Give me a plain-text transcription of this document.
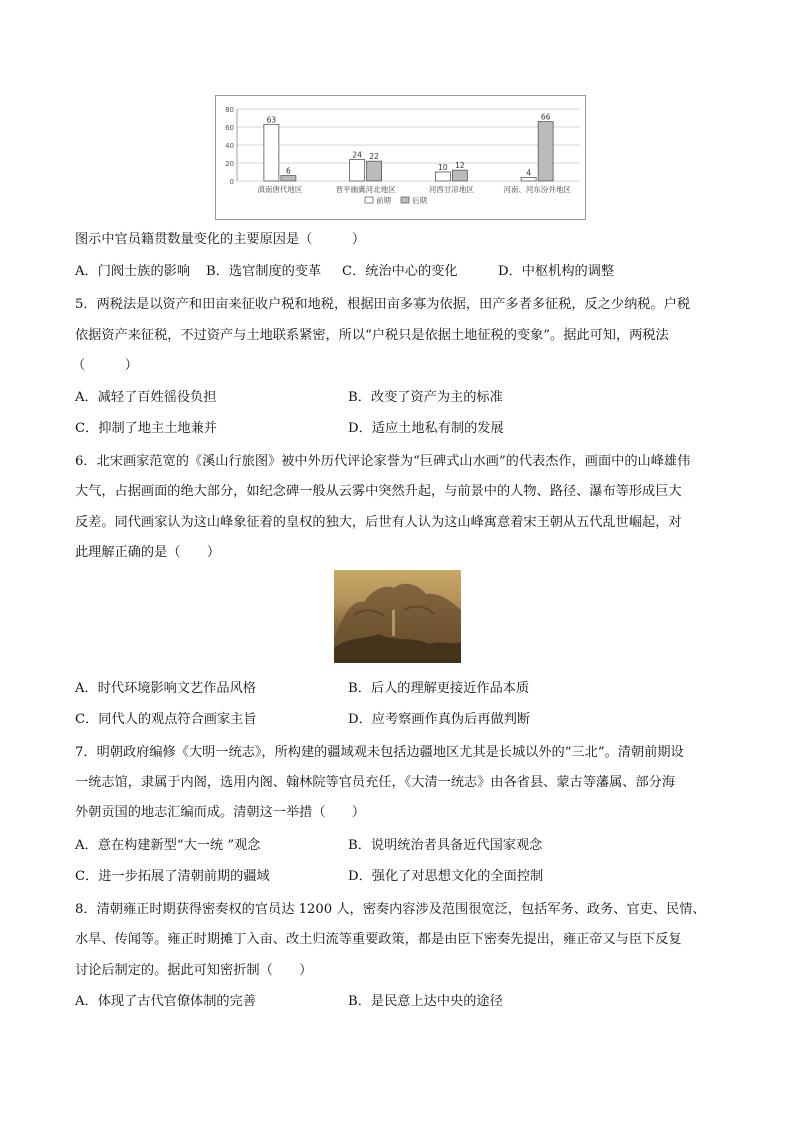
0
20
40
60
80
63
6
滇南唐代地区
24 22
晋平幽冀河北地区
10 12
河西甘凉地区
4
66
河南、河东汾并地区
前期	后期
图示中官员籍贯数量变化的主要原因是（　　　）
A．门阀士族的影响 B．选官制度的变革 C．统治中心的变化	D．中枢机构的调整
5．两税法是以资产和田亩来征收户税和地税，根据田亩多寡为依据，田产多者多征税，反之少纳税。户税
依据资产来征税，不过资产与土地联系紧密，所以“户税只是依据土地征税的变象”。据此可知，两税法
（　　　）
A．减轻了百姓徭役负担	B．改变了资产为主的标准
C．抑制了地主土地兼并	D．适应土地私有制的发展
6．北宋画家范宽的《溪山行旅图》被中外历代评论家誉为“巨碑式山水画”的代表杰作，画面中的山峰雄伟
大气，占据画面的绝大部分，如纪念碑一般从云雾中突然升起，与前景中的人物、路径、瀑布等形成巨大
反差。同代画家认为这山峰象征着的皇权的独大，后世有人认为这山峰寓意着宋王朝从五代乱世崛起，对
此理解正确的是（　　）
A．时代环境影响文艺作品风格	B．后人的理解更接近作品本质
C．同代人的观点符合画家主旨	D．应考察画作真伪后再做判断
7．明朝政府编修《大明一统志》，所构建的疆域观未包括边疆地区尤其是长城以外的“三北”。清朝前期设
一统志馆，隶属于内阁，选用内阁、翰林院等官员充任，《大清一统志》由各省县、蒙古等藩属、部分海
外朝贡国的地志汇编而成。清朝这一举措（　　）
A．意在构建新型“大一统 ”观念	B．说明统治者具备近代国家观念
C．进一步拓展了清朝前期的疆域	D．强化了对思想文化的全面控制
8．清朝雍正时期获得密奏权的官员达 1200 人，密奏内容涉及范围很宽泛，包括军务、政务、官吏、民情、
水旱、传闻等。雍正时期摊丁入亩、改土归流等重要政策，都是由臣下密奏先提出，雍正帝又与臣下反复
讨论后制定的。据此可知密折制（　　）
A．体现了古代官僚体制的完善	B．是民意上达中央的途径
